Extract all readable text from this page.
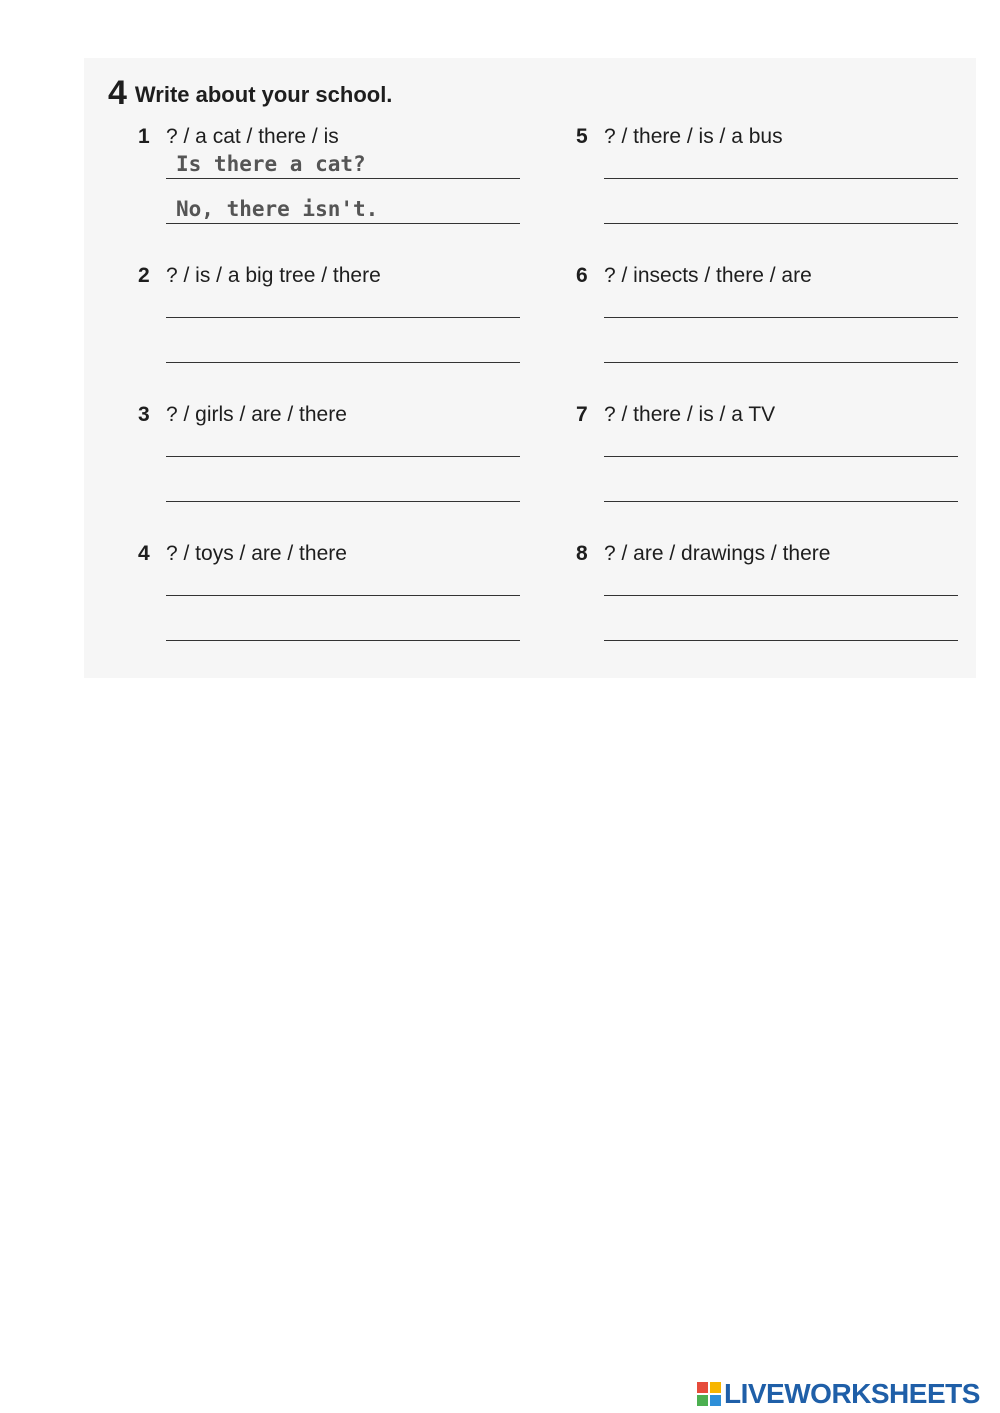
4 Write about your school.
1 ? / a cat / there / is
Is there a cat?
No, there isn't.
2 ? / is / a big tree / there
3 ? / girls / are / there
4 ? / toys / are / there
5 ? / there / is / a bus
6 ? / insects / there / are
7 ? / there / is / a TV
8 ? / are / drawings / there
LIVEWORKSHEETS
